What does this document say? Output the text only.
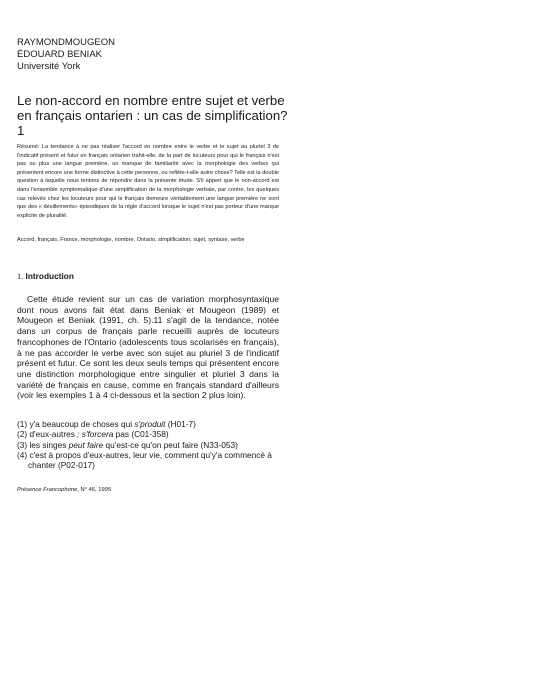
RAYMONDMOUGEON
ÉDOUARD BENIAK
Université York
Le non-accord en nombre entre sujet et verbe en français ontarien : un cas de simplification? 1
Résumé: La tendance à ne pas réaliser l'accord en nombre entre le verbe et le sujet au pluriel 3 de l'indicatif présent et futur en français ontarien trahit-elle, de la part de locuteurs pour qui le français n'est pas ou plus une langue première, un manque de familiarité avec la morphologie des verbes qui présentent encore une forme distinctive à cette personne, ou reflète-t-elle autre chose? Telle est la double question à laquelle nous tentons de répondre dans la présente étude. S'il appert que le non-accord est dans l'ensemble symptomatique d'une simplification de la morphologie verbale, par contre, les quelques cas relevés chez les locuteurs pour qui le français demeure véritablement une langue première ne sont que des « désillements» épisodiques de la règle d'accord lorsque le sujet n'est pas porteur d'une marque explicite de pluralité.
Accord, français, France, morphologie, nombre, Ontario, simplification, sujet, syntaxe, verbe
1. Introduction

Cette étude revient sur un cas de variation morphosyntaxique dont nous avons fait état dans Beniak et Mougeon (1989) et Mougeon et Beniak (1991, ch. 5).11 s'agit de la tendance, notée dans un corpus de français parle recueilli auprès de locuteurs francophones de l'Ontario (adolescents tous scolarisés en français), à ne pas accorder le verbe avec son sujet au pluriel 3 de l'indicatif présent et futur. Ce sont les deux seuls temps qui présentent encore une distinction morphologique entre singulier et pluriel 3 dans la variété de français en cause, comme en français standard d'ailleurs (voir les exemples 1 à 4 ci-dessous et la section 2 plus loin).

(1) y'a beaucoup de choses qui s'produit (H01-7)
(2) d'eux-autres ; s'forcera pas (C01-358)
(3) les singes peut faire qu'est-ce qu'on peut faire (N33-053)
(4) c'est à propos d'eux-autres, leur vie, comment qu'y'a commencé à chanter (P02-017)
Présence Francophone, N° 46, 1995
